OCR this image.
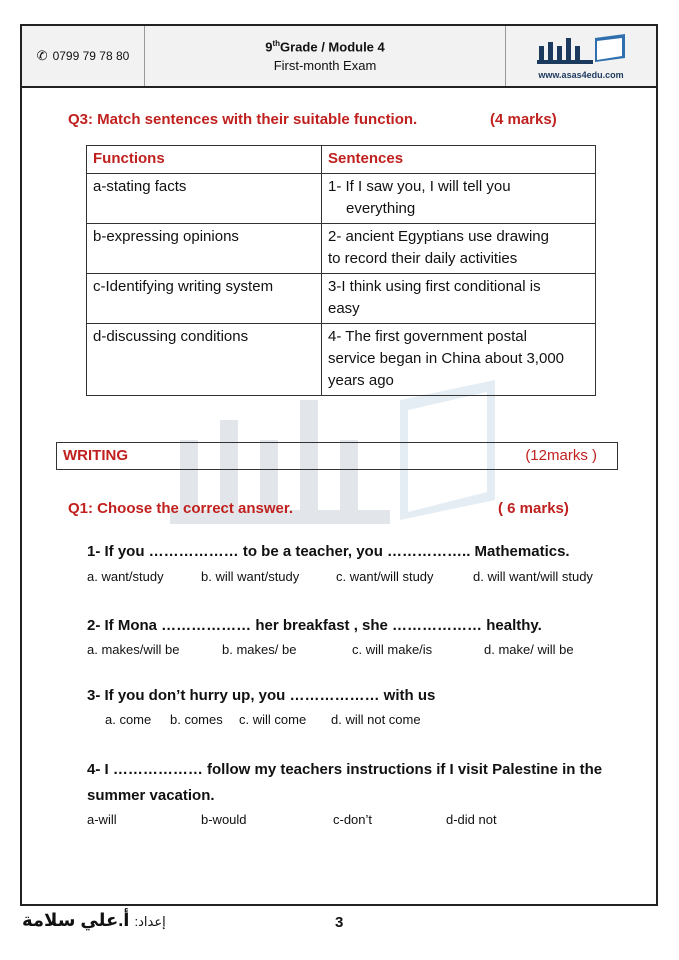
✆ 0799 79 78 80
9thGrade / Module 4
First-month Exam
www.asas4edu.com
Q3: Match sentences with their suitable function.	(4 marks)
Functions	Sentences
a-stating facts	1- If I saw you, I will tell you
everything

b-expressing opinions	2- ancient Egyptians use drawing
to record their daily activities

c-Identifying writing system	3-I think using first conditional is
easy

d-discussing conditions	4- The first government postal
service began in China about 3,000
years ago
WRITING	(12marks )
Q1: Choose the correct answer.	( 6 marks)
1- If you ……………… to be a teacher, you …………….. Mathematics.
a. want/study	b. will want/study	c. want/will study	d. will want/will study
2- If Mona ……………… her breakfast , she ……………… healthy.
a. makes/will be	b. makes/ be	c. will make/is	d. make/ will be
3- If you don’t hurry up, you ……………… with us
a. come b. comes c. will come d. will not come
4- I ……………… follow my teachers instructions if I visit Palestine in the
summer vacation.
a-will	b-would	c-don’t	d-did not
إعداد: أ.علي سلامة	3
